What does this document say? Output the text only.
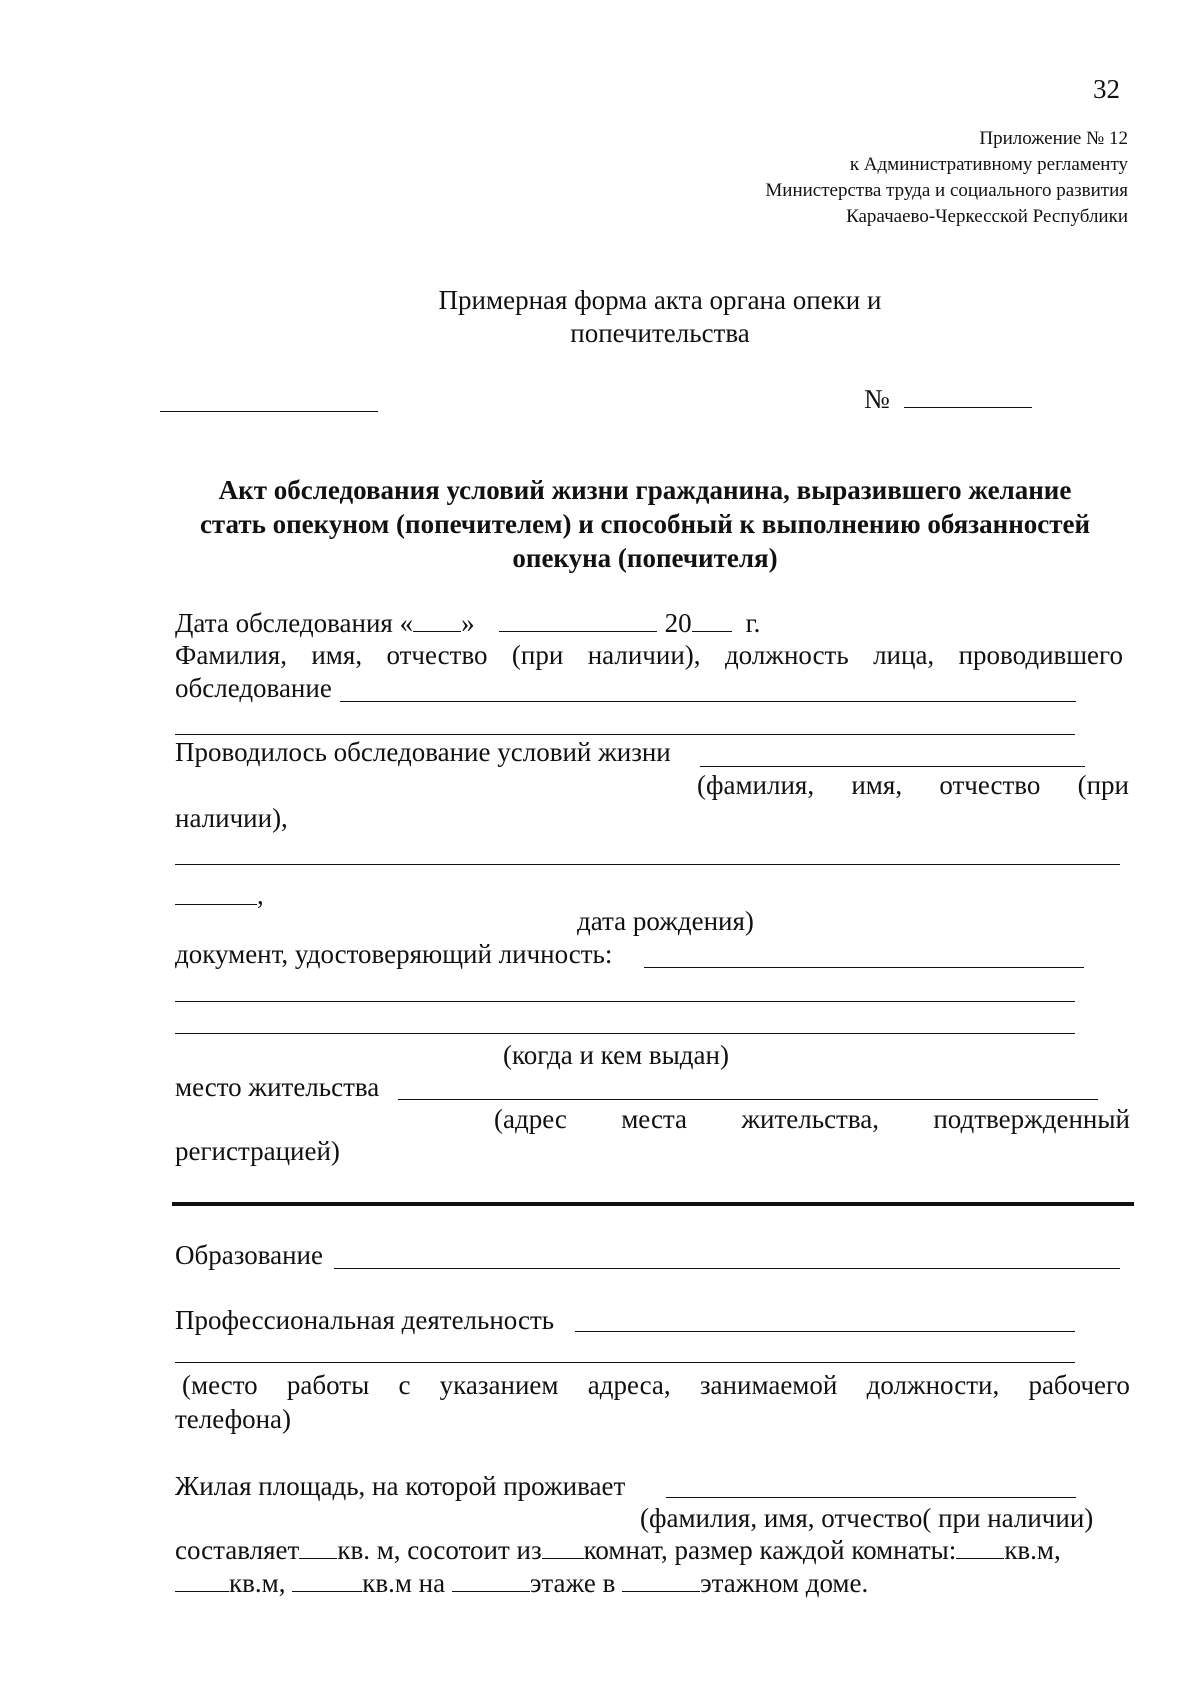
32
Приложение № 12
к Административному регламенту
Министерства труда и социального развития
Карачаево-Черкесской Республики
Примерная форма акта органа опеки и
попечительства
№
Акт обследования условий жизни гражданина, выразившего желание
стать опекуном (попечителем) и способный к выполнению обязанностей
опекуна (попечителя)
Дата обследования « »	20 г.
Фамилия, имя, отчество (при наличии), должность лица, проводившего
обследование
Проводилось обследование условий жизни
(фамилия, имя, отчество (при
наличии),
,
дата рождения)
документ, удостоверяющий личность:
(когда и кем выдан)
место жительства
(адрес места жительства, подтвержденный
регистрацией)
Образование
Профессиональная деятельность
(место работы с указанием адреса, занимаемой должности, рабочего
телефона)
Жилая площадь, на которой проживает
(фамилия, имя, отчество( при наличии)
составляет кв. м, сосотоит из комнат, размер каждой комнаты: кв.м,
кв.м,	кв.м на	этаже в	этажном доме.
